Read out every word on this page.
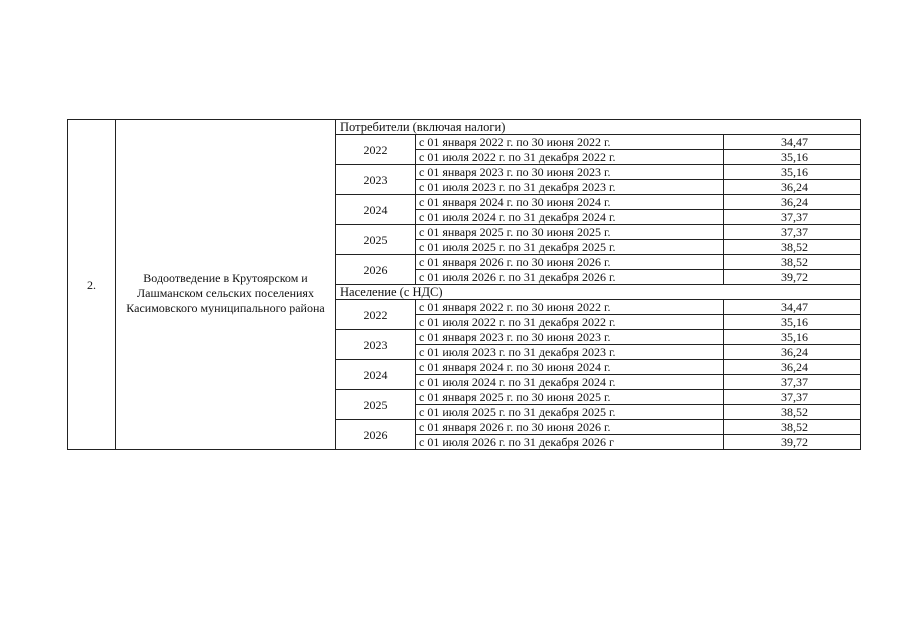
2.	Водоотведение в Крутоярском и Лашманском сельских поселениях Касимовского муниципального района	Потребители (включая налоги)		
		2022	с 01 января 2022 г. по 30 июня 2022 г.	34,47
			с 01 июля 2022 г. по 31 декабря 2022 г.	35,16
		2023	с 01 января 2023 г. по 30 июня 2023 г.	35,16
			с 01 июля 2023 г. по 31 декабря 2023 г.	36,24
		2024	с 01 января 2024 г. по 30 июня 2024 г.	36,24
			с 01 июля 2024 г. по 31 декабря 2024 г.	37,37
		2025	с 01 января 2025 г. по 30 июня 2025 г.	37,37
			с 01 июля 2025 г. по 31 декабря 2025 г.	38,52
		2026	с 01 января 2026 г. по 30 июня 2026 г.	38,52
			с 01 июля 2026 г. по 31 декабря 2026 г.	39,72
		Население (с НДС)		
		2022	с 01 января 2022 г. по 30 июня 2022 г.	34,47
			с 01 июля 2022 г. по 31 декабря 2022 г.	35,16
		2023	с 01 января 2023 г. по 30 июня 2023 г.	35,16
			с 01 июля 2023 г. по 31 декабря 2023 г.	36,24
		2024	с 01 января 2024 г. по 30 июня 2024 г.	36,24
			с 01 июля 2024 г. по 31 декабря 2024 г.	37,37
		2025	с 01 января 2025 г. по 30 июня 2025 г.	37,37
			с 01 июля 2025 г. по 31 декабря 2025 г.	38,52
		2026	с 01 января 2026 г. по 30 июня 2026 г.	38,52
			с 01 июля 2026 г. по 31 декабря 2026 г	39,72
